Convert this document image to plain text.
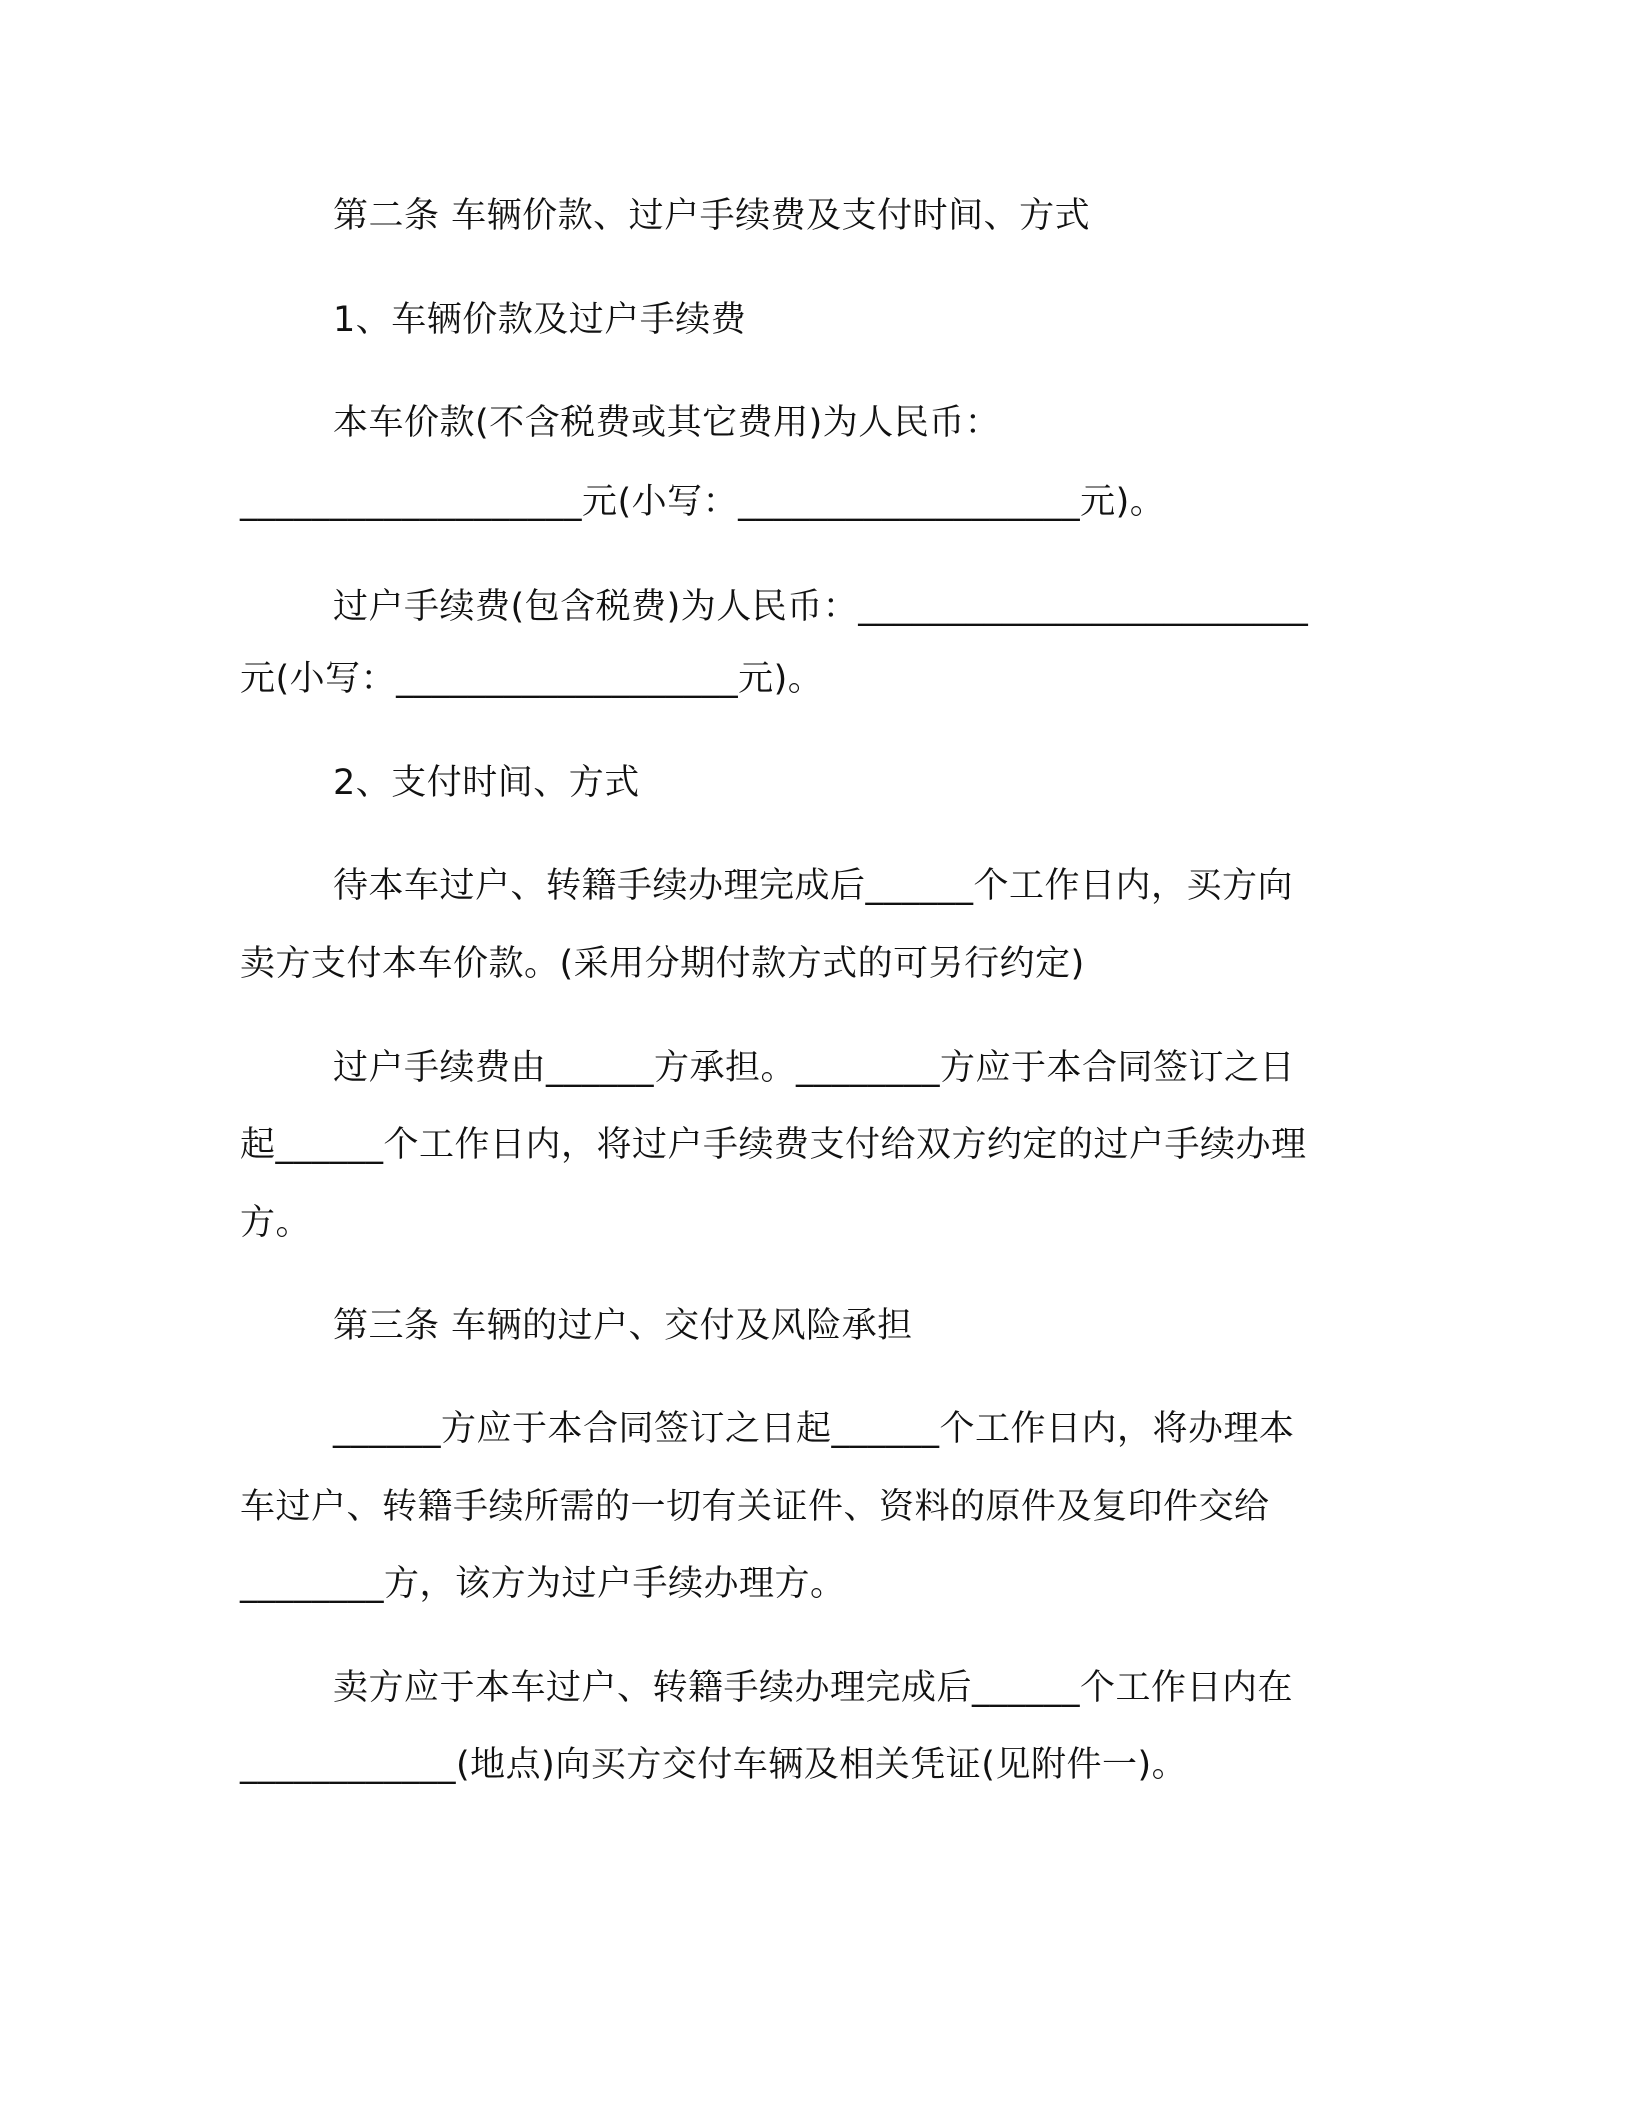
第二条 车辆价款、过户手续费及支付时间、方式
1、车辆价款及过户手续费
本车价款(不含税费或其它费用)为人民币：
___________________元(小写：___________________元)。
过户手续费(包含税费)为人民币：_________________________
元(小写：___________________元)。
2、支付时间、方式
待本车过户、转籍手续办理完成后______个工作日内，买方向
卖方支付本车价款。(采用分期付款方式的可另行约定)
过户手续费由______方承担。________方应于本合同签订之日
起______个工作日内，将过户手续费支付给双方约定的过户手续办理
方。
第三条 车辆的过户、交付及风险承担
______方应于本合同签订之日起______个工作日内，将办理本
车过户、转籍手续所需的一切有关证件、资料的原件及复印件交给
________方，该方为过户手续办理方。
卖方应于本车过户、转籍手续办理完成后______个工作日内在
____________(地点)向买方交付车辆及相关凭证(见附件一)。
